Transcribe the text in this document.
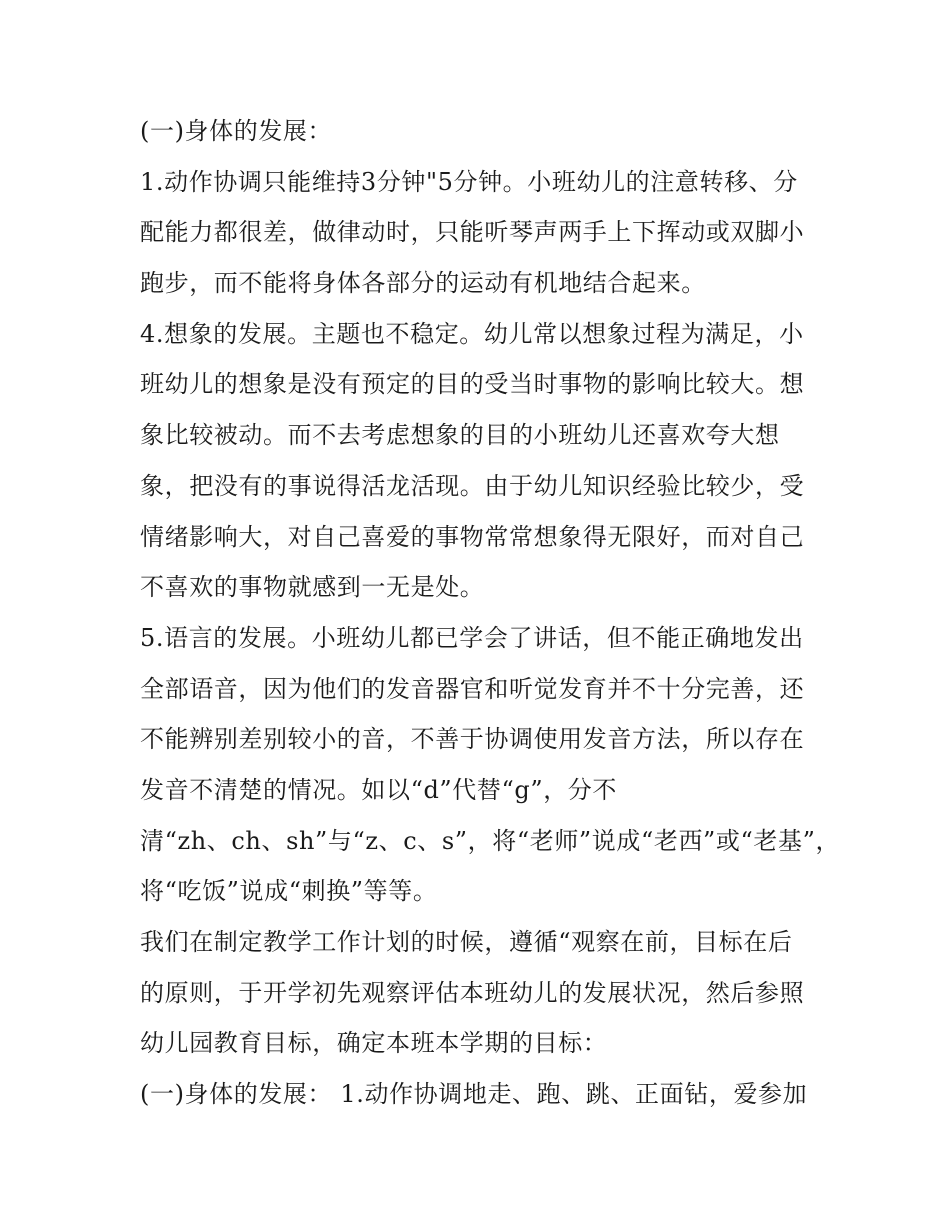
(一)身体的发展：
1.动作协调只能维持3分钟"5分钟。小班幼儿的注意转移、分
配能力都很差，做律动时，只能听琴声两手上下挥动或双脚小
跑步，而不能将身体各部分的运动有机地结合起来。
4.想象的发展。主题也不稳定。幼儿常以想象过程为满足，小
班幼儿的想象是没有预定的目的受当时事物的影响比较大。想
象比较被动。而不去考虑想象的目的小班幼儿还喜欢夸大想
象，把没有的事说得活龙活现。由于幼儿知识经验比较少，受
情绪影响大，对自己喜爱的事物常常想象得无限好，而对自己
不喜欢的事物就感到一无是处。
5.语言的发展。小班幼儿都已学会了讲话，但不能正确地发出
全部语音，因为他们的发音器官和听觉发育并不十分完善，还
不能辨别差别较小的音，不善于协调使用发音方法，所以存在
发音不清楚的情况。如以“d”代替“g”，分不
清“zh、ch、sh”与“z、c、s”，将“老师”说成“老西”或“老基”，
将“吃饭”说成“刺换”等等。
我们在制定教学工作计划的时候，遵循“观察在前，目标在后
的原则，于开学初先观察评估本班幼儿的发展状况，然后参照
幼儿园教育目标，确定本班本学期的目标：
(一)身体的发展： 1.动作协调地走、跑、跳、正面钻，爱参加
